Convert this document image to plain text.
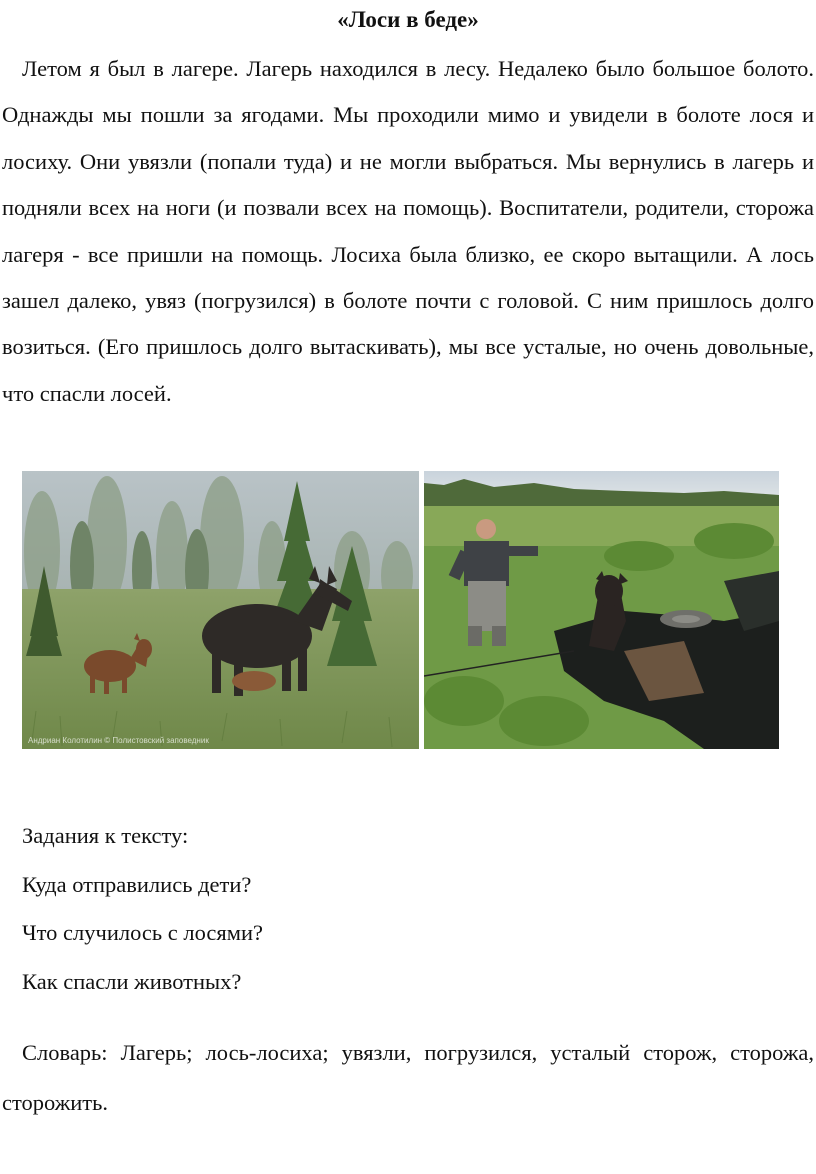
«Лоси в беде»

Летом я был в лагере. Лагерь находился в лесу. Недалеко было большое болото. Однажды мы пошли за ягодами. Мы проходили мимо и увидели в болоте лося и лосиху. Они увязли (попали туда) и не могли выбраться. Мы вернулись в лагерь и подняли всех на ноги (и позвали всех на помощь). Воспитатели, родители, сторожа лагеря - все пришли на помощь. Лосиха была близко, ее скоро вытащили. А лось зашел далеко, увяз (погрузился) в болоте почти с головой. С ним пришлось долго возиться. (Его пришлось долго вытаскивать), мы все усталые, но очень довольные, что спасли лосей.

Андриан Колотилин © Полистовский заповедник
Задания к тексту:
Куда отправились дети?
Что случилось с лосями?
Как спасли животных?

Словарь: Лагерь; лось-лосиха; увязли, погрузился, усталый сторож, сторожа, сторожить.
